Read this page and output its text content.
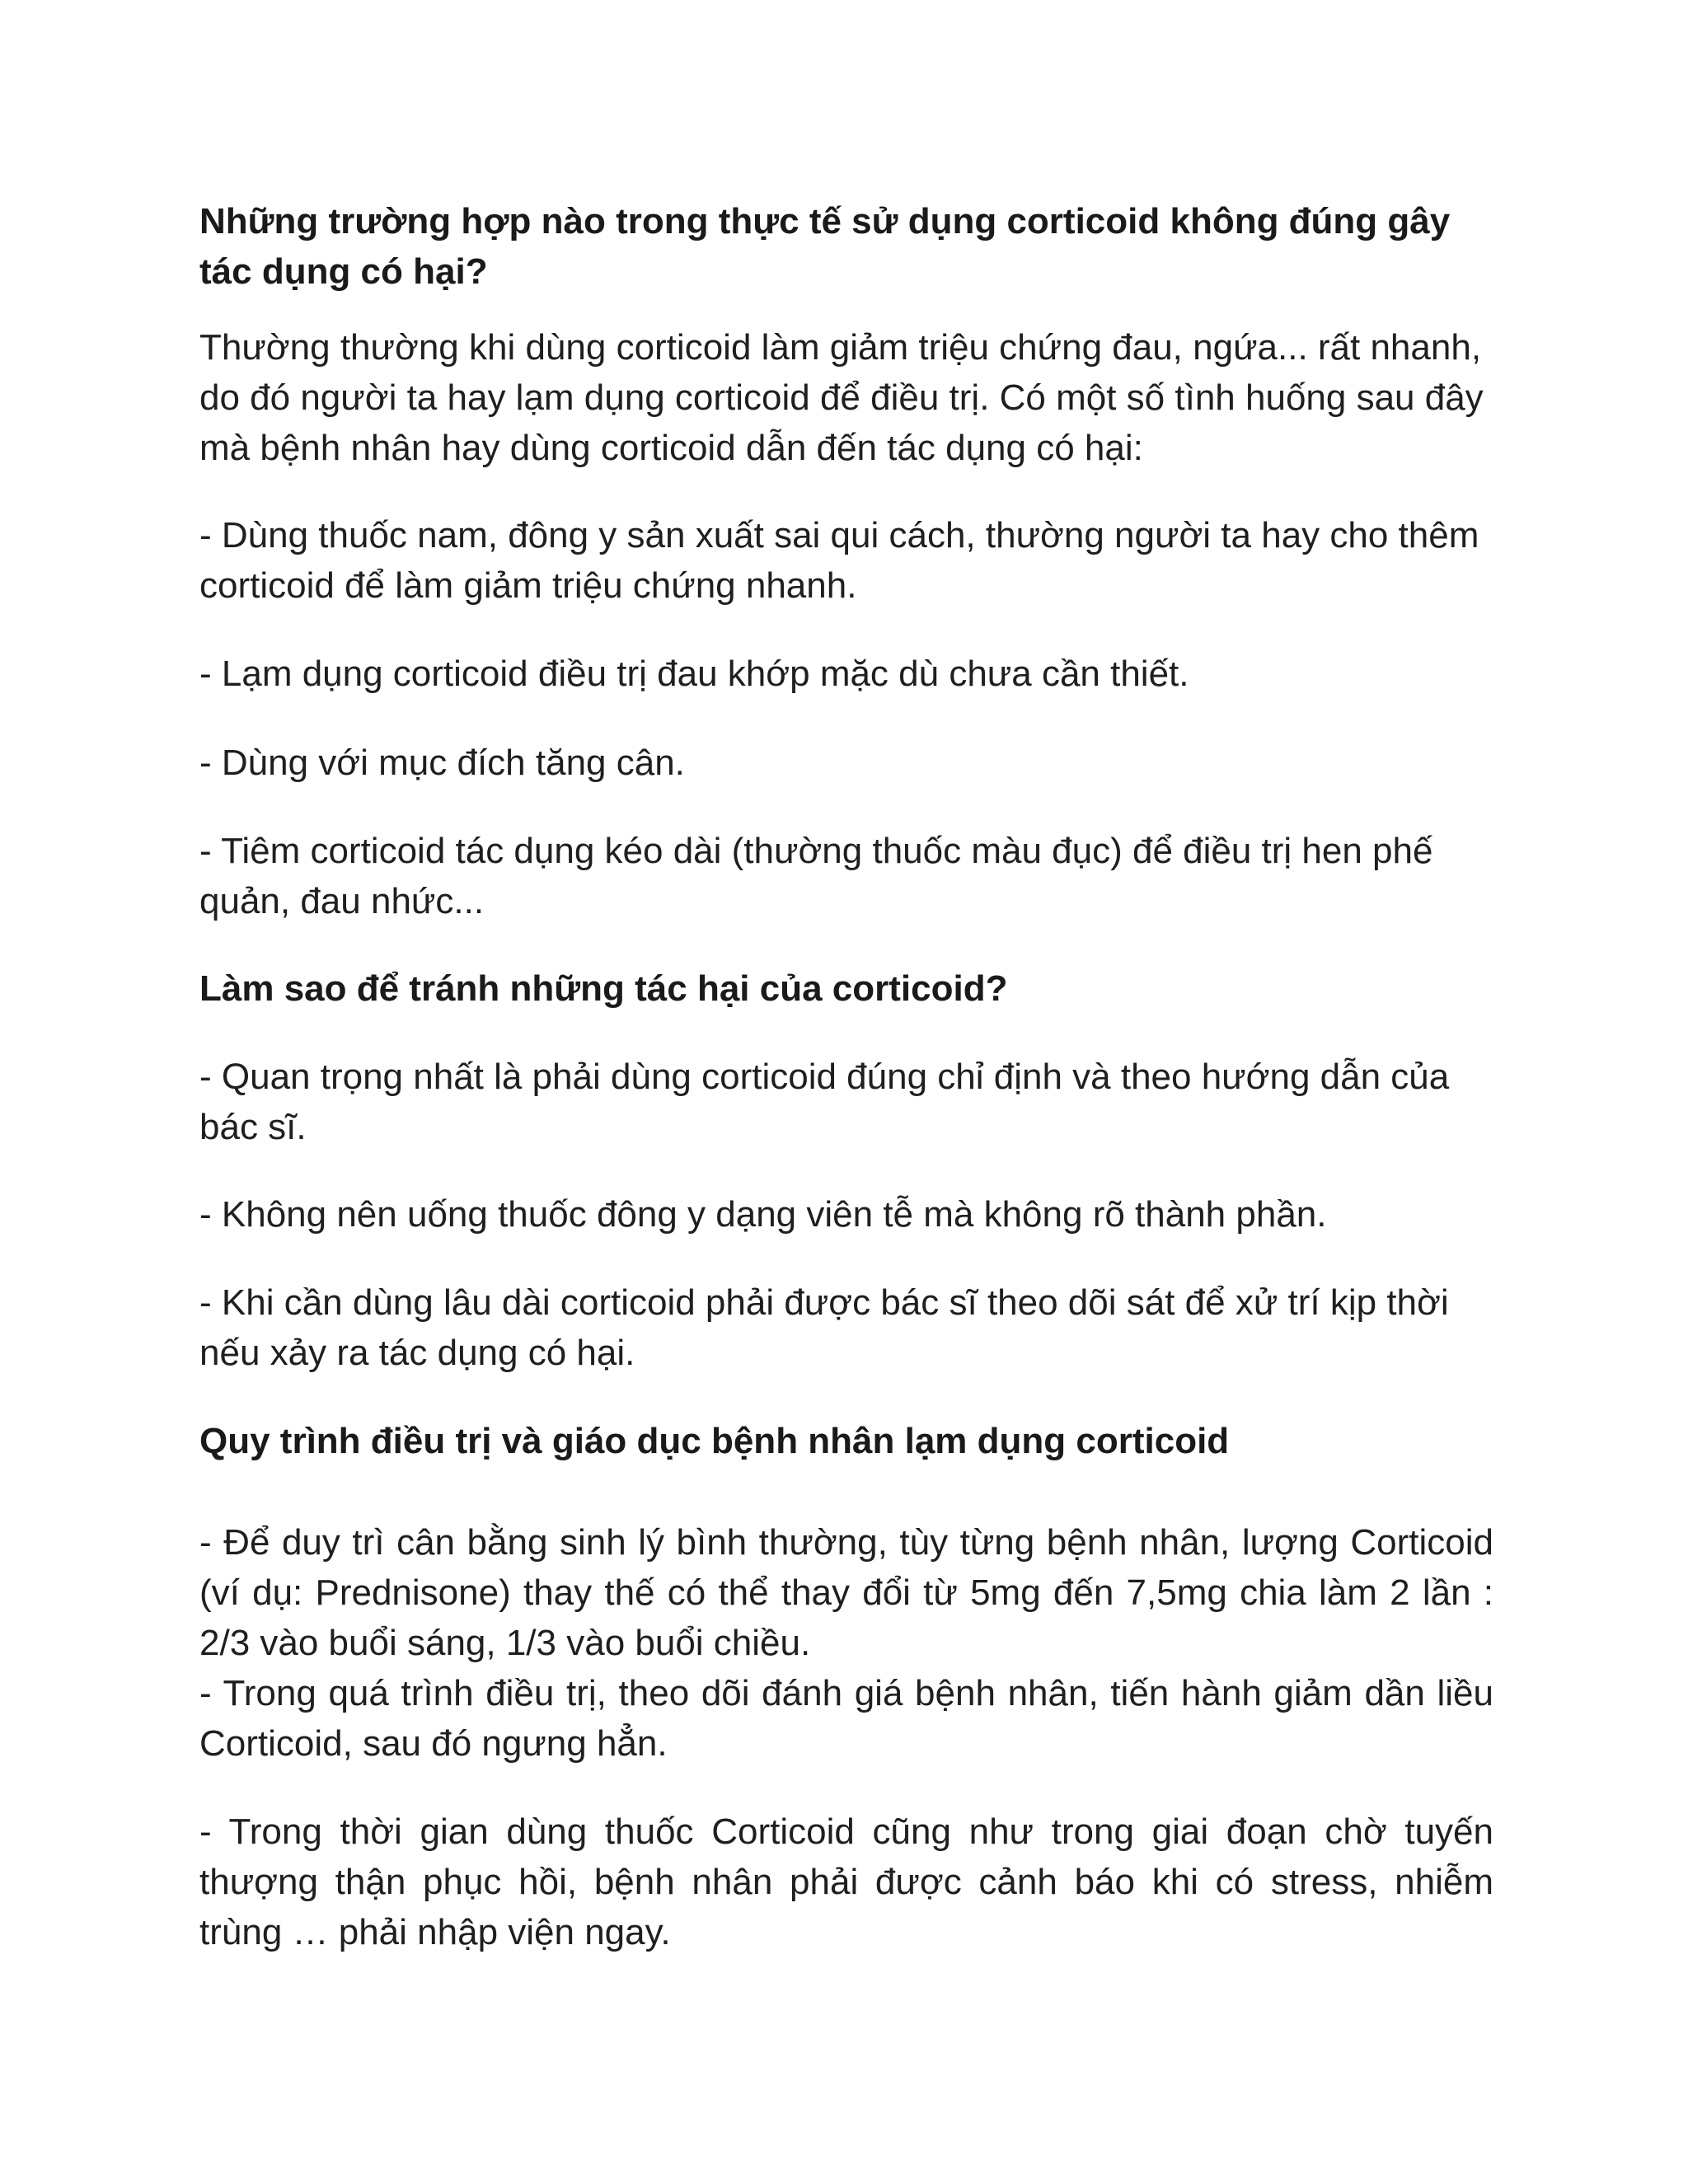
Những trường hợp nào trong thực tế sử dụng corticoid không đúng gây tác dụng có hại?

Thường thường khi dùng corticoid làm giảm triệu chứng đau, ngứa... rất nhanh, do đó người ta hay lạm dụng corticoid để điều trị. Có một số tình huống sau đây mà bệnh nhân hay dùng corticoid dẫn đến tác dụng có hại:

- Dùng thuốc nam, đông y sản xuất sai qui cách, thường người ta hay cho thêm corticoid để làm giảm triệu chứng nhanh.

- Lạm dụng corticoid điều trị đau khớp mặc dù chưa cần thiết.

- Dùng với mục đích tăng cân.

- Tiêm corticoid tác dụng kéo dài (thường thuốc màu đục) để điều trị hen phế quản, đau nhức...

Làm sao để tránh những tác hại của corticoid?

- Quan trọng nhất là phải dùng corticoid đúng chỉ định và theo hướng dẫn của bác sĩ.

- Không nên uống thuốc đông y dạng viên tễ mà không rõ thành phần.

- Khi cần dùng lâu dài corticoid phải được bác sĩ theo dõi sát để xử trí kịp thời nếu xảy ra tác dụng có hại.

Quy trình điều trị và giáo dục bệnh nhân lạm dụng corticoid

- Để duy trì cân bằng sinh lý bình thường, tùy từng bệnh nhân, lượng Corticoid (ví dụ: Prednisone) thay thế có thể thay đổi từ 5mg đến 7,5mg chia làm 2 lần : 2/3 vào buổi sáng, 1/3 vào buổi chiều.

- Trong quá trình điều trị, theo dõi đánh giá bệnh nhân, tiến hành giảm dần liều Corticoid, sau đó ngưng hẳn.

- Trong thời gian dùng thuốc Corticoid cũng như trong giai đoạn chờ tuyến thượng thận phục hồi, bệnh nhân phải được cảnh báo khi có stress, nhiễm trùng … phải nhập viện ngay.
